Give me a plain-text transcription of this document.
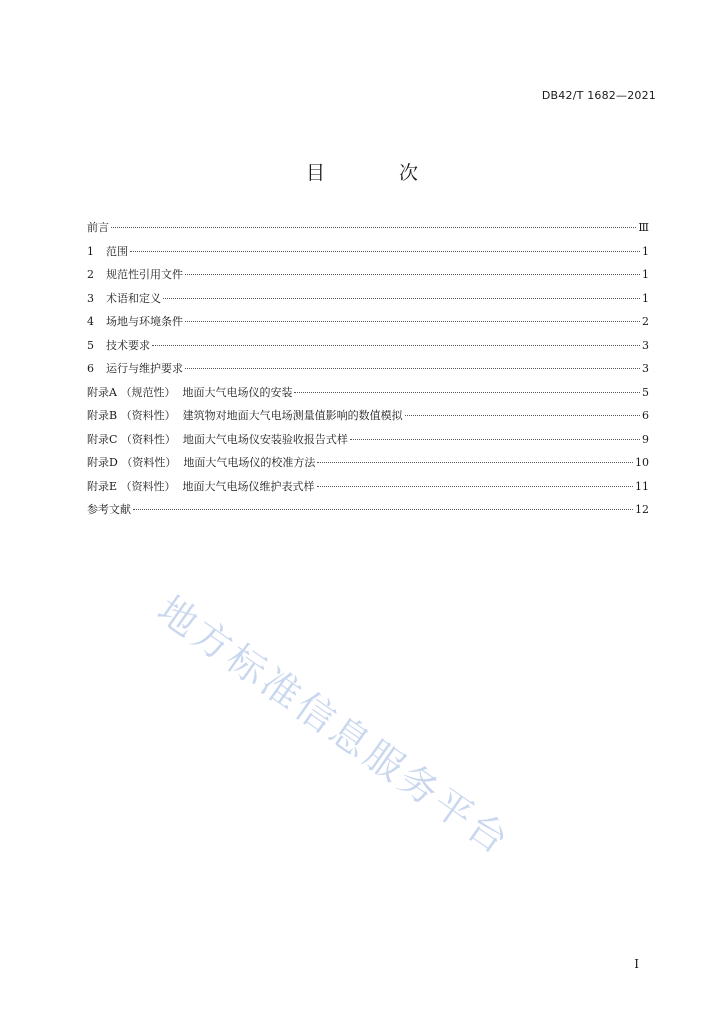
DB42/T 1682—2021
目 次
前言	Ⅲ
1 范围	1
2 规范性引用文件	1
3 术语和定义	1
4 场地与环境条件	2
5 技术要求	3
6 运行与维护要求	3
附录A （规范性） 地面大气电场仪的安装	5
附录B （资料性） 建筑物对地面大气电场测量值影响的数值模拟	6
附录C （资料性） 地面大气电场仪安装验收报告式样	9
附录D （资料性） 地面大气电场仪的校准方法	10
附录E （资料性） 地面大气电场仪维护表式样	11
参考文献	12
地方标准信息服务平台
I
